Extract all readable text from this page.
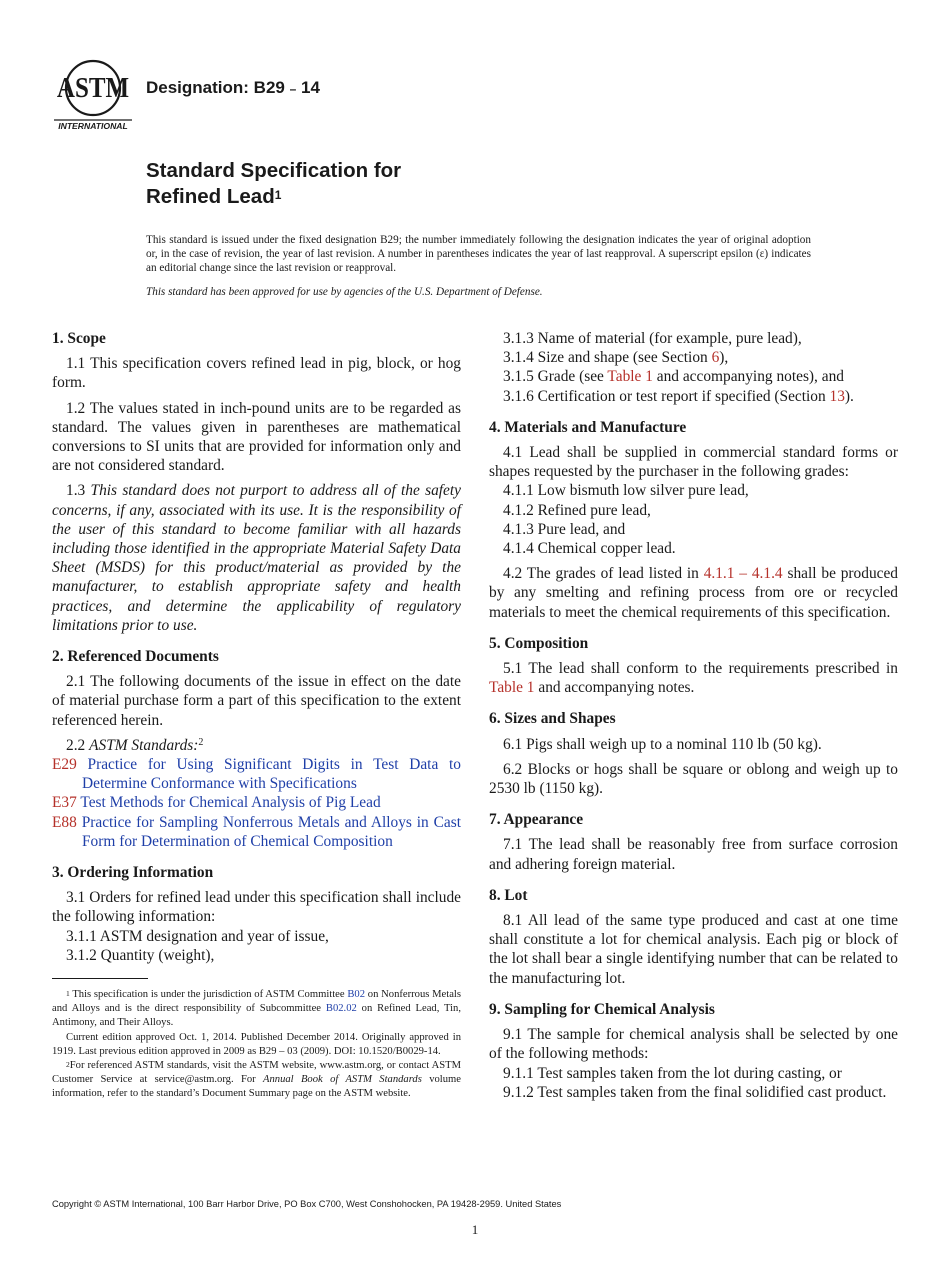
ASTM
INTERNATIONAL
Designation: B29 – 14
Standard Specification for
Refined Lead$^1$
This standard is issued under the fixed designation B29; the number immediately following the designation indicates the year of original adoption or, in the case of revision, the year of last revision. A number in parentheses indicates the year of last reapproval. A superscript epsilon (ε) indicates an editorial change since the last revision or reapproval.
This standard has been approved for use by agencies of the U.S. Department of Defense.
1. Scope
1.1 This specification covers refined lead in pig, block, or hog form.
1.2 The values stated in inch-pound units are to be regarded as standard. The values given in parentheses are mathematical conversions to SI units that are provided for information only and are not considered standard.
1.3 This standard does not purport to address all of the safety concerns, if any, associated with its use. It is the responsibility of the user of this standard to become familiar with all hazards including those identified in the appropriate Material Safety Data Sheet (MSDS) for this product/material as provided by the manufacturer, to establish appropriate safety and health practices, and determine the applicability of regulatory limitations prior to use.
2. Referenced Documents
2.1 The following documents of the issue in effect on the date of material purchase form a part of this specification to the extent referenced herein.
2.2 ASTM Standards:$^2$
E29 Practice for Using Significant Digits in Test Data to Determine Conformance with Specifications
E37 Test Methods for Chemical Analysis of Pig Lead
E88 Practice for Sampling Nonferrous Metals and Alloys in Cast Form for Determination of Chemical Composition
3. Ordering Information
3.1 Orders for refined lead under this specification shall include the following information:
3.1.1 ASTM designation and year of issue,
3.1.2 Quantity (weight),
3.1.3 Name of material (for example, pure lead),
3.1.4 Size and shape (see Section 6),
3.1.5 Grade (see Table 1 and accompanying notes), and
3.1.6 Certification or test report if specified (Section 13).
4. Materials and Manufacture
4.1 Lead shall be supplied in commercial standard forms or shapes requested by the purchaser in the following grades:
4.1.1 Low bismuth low silver pure lead,
4.1.2 Refined pure lead,
4.1.3 Pure lead, and
4.1.4 Chemical copper lead.
4.2 The grades of lead listed in 4.1.1 – 4.1.4 shall be produced by any smelting and refining process from ore or recycled materials to meet the chemical requirements of this specification.
5. Composition
5.1 The lead shall conform to the requirements prescribed in Table 1 and accompanying notes.
6. Sizes and Shapes
6.1 Pigs shall weigh up to a nominal 110 lb (50 kg).
6.2 Blocks or hogs shall be square or oblong and weigh up to 2530 lb (1150 kg).
7. Appearance
7.1 The lead shall be reasonably free from surface corrosion and adhering foreign material.
8. Lot
8.1 All lead of the same type produced and cast at one time shall constitute a lot for chemical analysis. Each pig or block of the lot shall bear a single identifying number that can be related to the manufacturing lot.
9. Sampling for Chemical Analysis
9.1 The sample for chemical analysis shall be selected by one of the following methods:
9.1.1 Test samples taken from the lot during casting, or
9.1.2 Test samples taken from the final solidified cast product.
$^1$ This specification is under the jurisdiction of ASTM Committee B02 on Nonferrous Metals and Alloys and is the direct responsibility of Subcommittee B02.02 on Refined Lead, Tin, Antimony, and Their Alloys.
Current edition approved Oct. 1, 2014. Published December 2014. Originally approved in 1919. Last previous edition approved in 2009 as B29 – 03 (2009). DOI: 10.1520/B0029-14.
$^2$For referenced ASTM standards, visit the ASTM website, www.astm.org, or contact ASTM Customer Service at service@astm.org. For Annual Book of ASTM Standards volume information, refer to the standard’s Document Summary page on the ASTM website.
Copyright © ASTM International, 100 Barr Harbor Drive, PO Box C700, West Conshohocken, PA 19428-2959. United States
1
